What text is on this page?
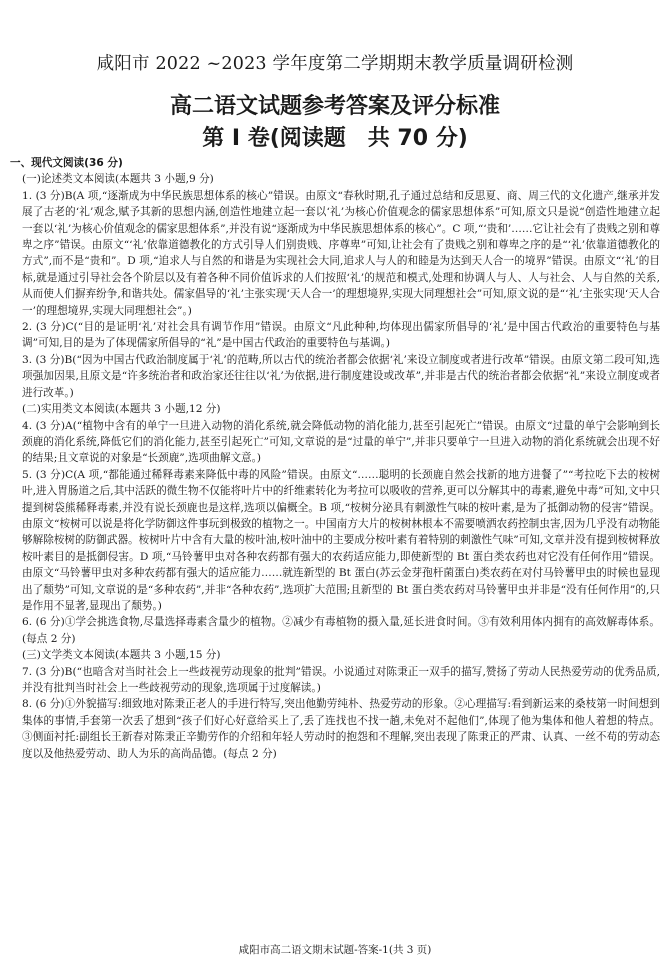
咸阳市 2022 ~2023 学年度第二学期期末教学质量调研检测
高二语文试题参考答案及评分标准
第 Ⅰ 卷(阅读题　共 70 分)

一、现代文阅读(36 分)

(一)论述类文本阅读(本题共 3 小题,9 分)

1. (3 分)B(A 项,“逐渐成为中华民族思想体系的核心”错误。由原文“春秋时期,孔子通过总结和反思夏、商、周三代的文化遗产,继承并发展了古老的‘礼’观念,赋予其新的思想内涵,创造性地建立起一套以‘礼’为核心价值观念的儒家思想体系”可知,原文只是说“创造性地建立起一套以‘礼’为核心价值观念的儒家思想体系”,并没有说“逐渐成为中华民族思想体系的核心”。C 项,“‘贵和’……它让社会有了贵贱之别和尊卑之序”错误。由原文“‘礼’依靠道德教化的方式引导人们别贵贱、序尊卑”可知,让社会有了贵贱之别和尊卑之序的是“‘礼’依靠道德教化的方式”,而不是“贵和”。D 项,“追求人与自然的和谐是为实现社会大同,追求人与人的和睦是为达到天人合一的境界”错误。由原文“‘礼’的目标,就是通过引导社会各个阶层以及有着各种不同价值诉求的人们按照‘礼’的规范和模式,处理和协调人与人、人与社会、人与自然的关系,从而使人们摒弃纷争,和谐共处。儒家倡导的‘礼’主张实现‘天人合一’的理想境界,实现大同理想社会”可知,原文说的是“‘礼’主张实现‘天人合一’的理想境界,实现大同理想社会”。)

2. (3 分)C(“目的是证明‘礼’对社会具有调节作用”错误。由原文“凡此种种,均体现出儒家所倡导的‘礼’是中国古代政治的重要特色与基调”可知,目的是为了体现儒家所倡导的“礼”是中国古代政治的重要特色与基调。)

3. (3 分)B(“因为中国古代政治制度属于‘礼’的范畴,所以古代的统治者都会依据‘礼’来设立制度或者进行改革”错误。由原文第二段可知,选项强加因果,且原文是“许多统治者和政治家还往往以‘礼’为依据,进行制度建设或改革”,并非是古代的统治者都会依据“礼”来设立制度或者进行改革。)

(二)实用类文本阅读(本题共 3 小题,12 分)

4. (3 分)A(“植物中含有的单宁一旦进入动物的消化系统,就会降低动物的消化能力,甚至引起死亡”错误。由原文“过量的单宁会影响到长颈鹿的消化系统,降低它们的消化能力,甚至引起死亡”可知,文章说的是“过量的单宁”,并非只要单宁一旦进入动物的消化系统就会出现不好的结果;且文章说的对象是“长颈鹿”,选项曲解文意。)

5. (3 分)C(A 项,“都能通过稀释毒素来降低中毒的风险”错误。由原文“……聪明的长颈鹿自然会找新的地方进餐了”“考拉吃下去的桉树叶,进入胃肠道之后,其中活跃的微生物不仅能将叶片中的纤维素转化为考拉可以吸收的营养,更可以分解其中的毒素,避免中毒”可知,文中只提到树袋熊稀释毒素,并没有说长颈鹿也是这样,选项以偏概全。B 项,“桉树分泌具有刺激性气味的桉叶素,是为了抵御动物的侵害”错误。由原文“桉树可以说是将化学防御这件事玩到极致的植物之一。中国南方大片的桉树林根本不需要喷洒农药控制虫害,因为几乎没有动物能够解除桉树的防御武器。桉树叶片中含有大量的桉叶油,桉叶油中的主要成分桉叶素有着特别的刺激性气味”可知,文章并没有提到桉树释放桉叶素目的是抵御侵害。D 项,“马铃薯甲虫对各种农药都有强大的农药适应能力,即使新型的 Bt 蛋白类农药也对它没有任何作用”错误。由原文“马铃薯甲虫对多种农药都有强大的适应能力……就连新型的 Bt 蛋白(苏云金芽孢杆菌蛋白)类农药在对付马铃薯甲虫的时候也显现出了颓势”可知,文章说的是“多种农药”,并非“各种农药”,选项扩大范围;且新型的 Bt 蛋白类农药对马铃薯甲虫并非是“没有任何作用”的,只是作用不显著,显现出了颓势。)

6. (6 分)①学会挑选食物,尽量选择毒素含量少的植物。②减少有毒植物的摄入量,延长进食时间。③有效利用体内拥有的高效解毒体系。(每点 2 分)

(三)文学类文本阅读(本题共 3 小题,15 分)

7. (3 分)B(“也暗含对当时社会上一些歧视劳动现象的批判”错误。小说通过对陈秉正一双手的描写,赞扬了劳动人民热爱劳动的优秀品质,并没有批判当时社会上一些歧视劳动的现象,选项属于过度解读。)

8. (6 分)①外貌描写:细致地对陈秉正老人的手进行特写,突出他勤劳纯朴、热爱劳动的形象。②心理描写:看到新运来的桑枝第一时间想到集体的事情,手套第一次丢了想到“孩子们好心好意给买上了,丢了连找也不找一趟,未免对不起他们”,体现了他为集体和他人着想的特点。③侧面衬托:副组长王新春对陈秉正辛勤劳作的介绍和年轻人劳动时的抱怨和不理解,突出表现了陈秉正的严肃、认真、一丝不苟的劳动态度以及他热爱劳动、助人为乐的高尚品德。(每点 2 分)

咸阳市高二语文期末试题-答案-1(共 3 页)
